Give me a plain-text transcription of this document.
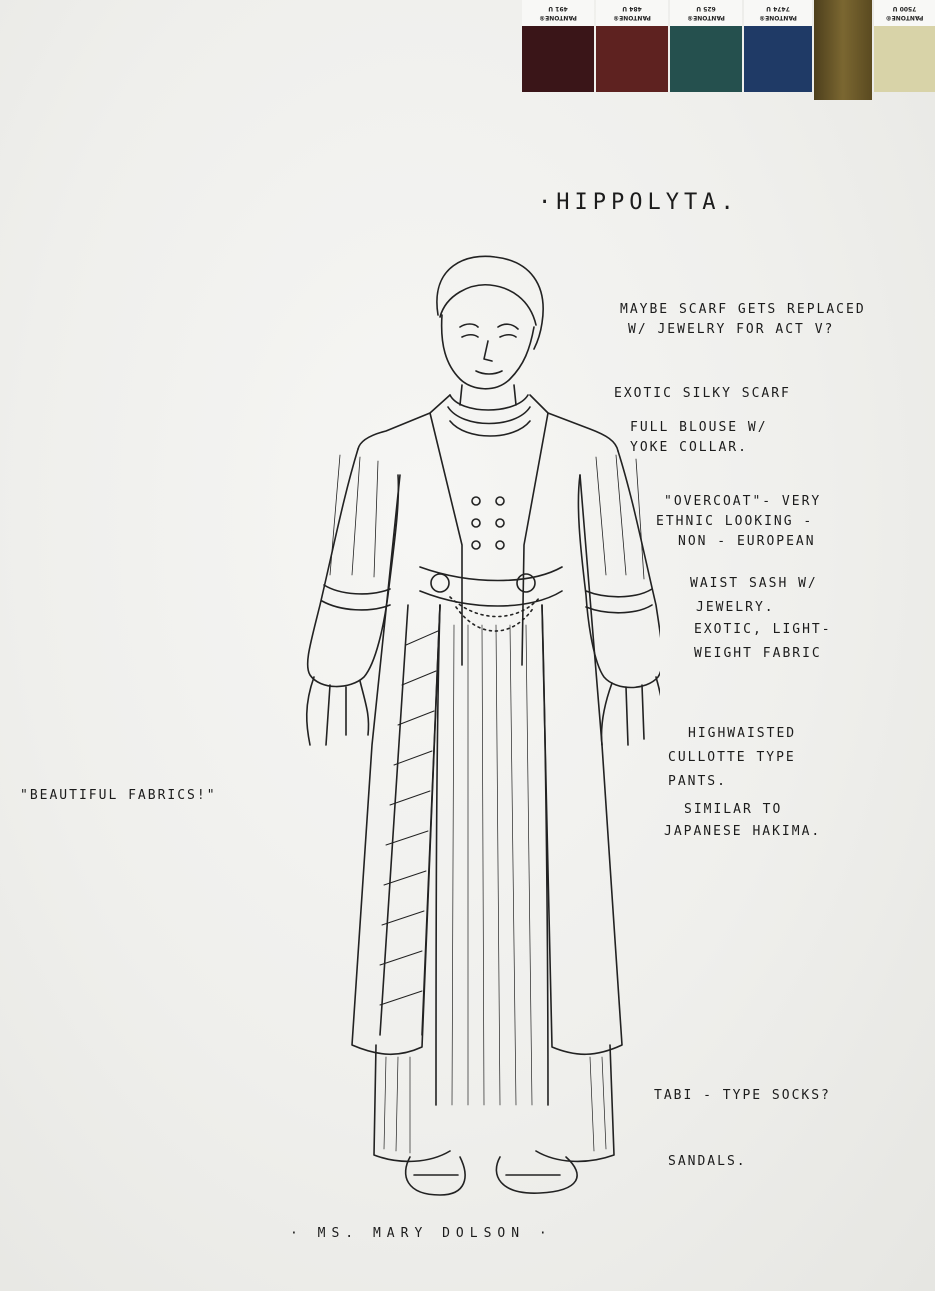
PANTONE®
491 U
PANTONE®
484 U
PANTONE®
625 U
PANTONE®
7474 U
PANTONE®
7500 U
·HIPPOLYTA.
MAYBE SCARF GETS REPLACED
W/ JEWELRY FOR ACT V?
EXOTIC SILKY SCARF
FULL BLOUSE W/
YOKE COLLAR.
"OVERCOAT"- VERY
ETHNIC LOOKING -
NON - EUROPEAN
WAIST SASH W/
JEWELRY.
EXOTIC, LIGHT-
WEIGHT FABRIC
HIGHWAISTED
CULLOTTE TYPE
PANTS.
SIMILAR TO
JAPANESE HAKIMA.
"BEAUTIFUL FABRICS!"
TABI - TYPE SOCKS?
SANDALS.
· MS. MARY DOLSON ·
